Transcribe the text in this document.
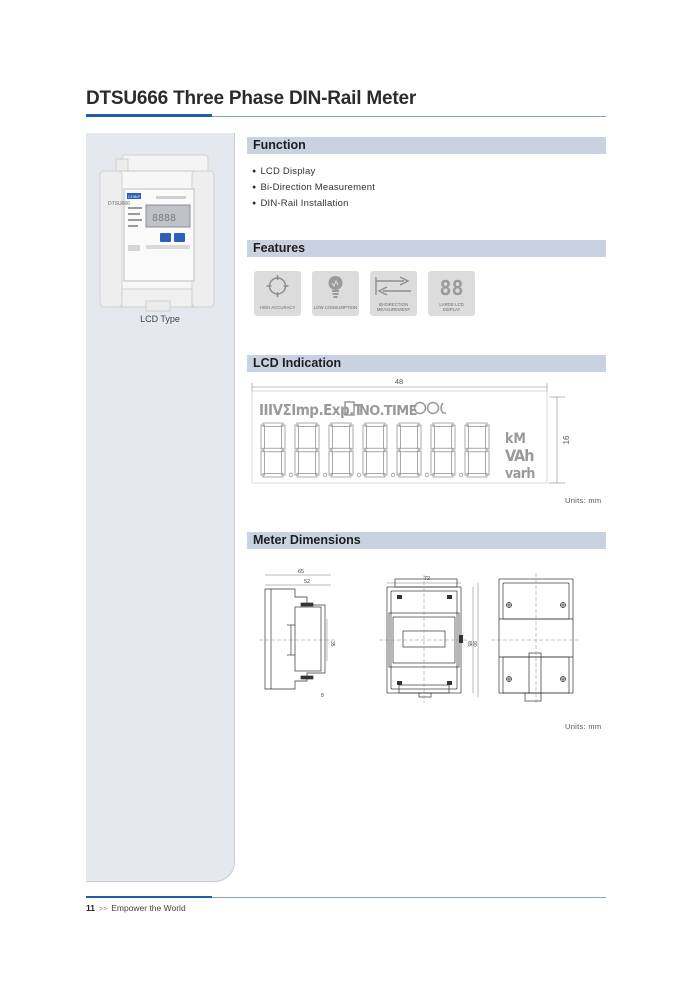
DTSU666 Three Phase DIN-Rail Meter
CHINT
8888
DTSU666
LCD Type
Function
● LCD Display
● Bi-Direction Measurement
● DIN-Rail Installation
Features
HIGH ACCURACY	LOW CONSUMPTION
BI-DIRECTION
MEASUREMENT
88
LARGE LCD
DISPLAY
LCD Indication
48
16
IIIVΣImp.Exp.T
NO.TIME
kM
VAh
varh
Units: mm
Meter Dimensions
65
52
35
8
72
85 90
Units: mm
11 >> Empower the World
